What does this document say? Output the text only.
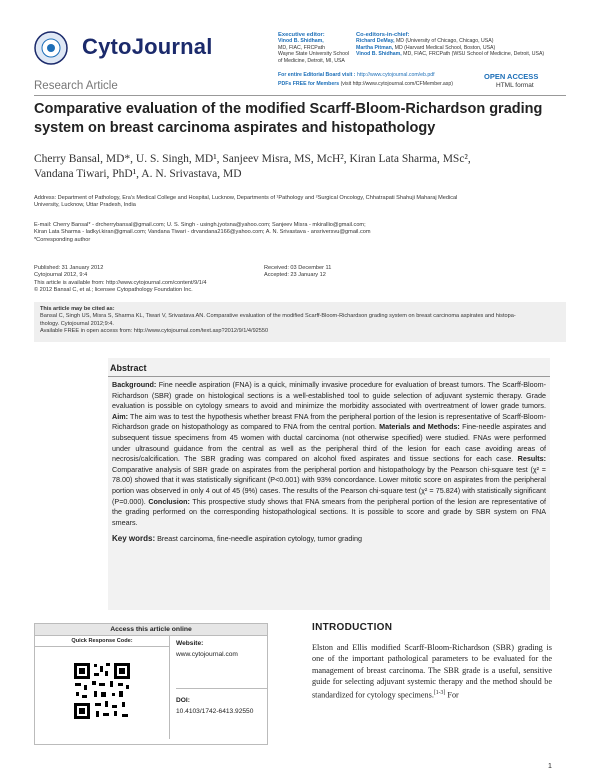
CytoJournal	Executive editor:
Vinod B. Shidham,
MD, FIAC, FRCPath
Wayne State University School
of Medicine, Detroit, MI, USA
Co-editors-in-chief:
Richard DeMay, MD (University of Chicago, Chicago, USA)
Martha Pitman, MD (Harvard Medical School, Boston, USA)
Vinod B. Shidham, MD, FIAC, FRCPath (WSU School of Medicine, Detroit, USA)
For entire Editorial Board visit : http://www.cytojournal.com/eb.pdf
PDFs FREE for Members (visit http://www.cytojournal.com/CFMember.asp)
OPEN ACCESS
HTML format
Research Article
Comparative evaluation of the modified Scarff-Bloom-Richardson grading system on breast carcinoma aspirates and histopathology
Cherry Bansal, MD*, U. S. Singh, MD¹, Sanjeev Misra, MS, McH², Kiran Lata Sharma, MSc²,
Vandana Tiwari, PhD¹, A. N. Srivastava, MD
Address: Department of Pathology, Era's Medical College and Hospital, Lucknow, Departments of ¹Pathology and ²Surgical Oncology, Chhatrapati Shahuji Maharaj Medical
University, Lucknow, Uttar Pradesh, India
E-mail: Cherry Bansal* - drcherrybansal@gmail.com; U. S. Singh - usingh.jyotsna@yahoo.com; Sanjeev Misra - mkirallio@gmail.com;
Kiran Lata Sharma - ladkyi.kiran@gmail.com; Vandana Tiwari - drvandana2166@yahoo.com; A. N. Srivastava - ansriversvu@gmail.com
*Corresponding author
Published: 31 January 2012
Cytojournal 2012, 9:4
This article is available from: http://www.cytojournal.com/content/9/1/4
© 2012 Bansal C, et al.; licensee Cytopathology Foundation Inc.
Received: 03 December 11
Accepted: 23 January 12
This article may be cited as:
Bansal C, Singh US, Misra S, Sharma KL, Tiwari V, Srivastava AN. Comparative evaluation of the modified Scarff-Bloom-Richardson grading system on breast carcinoma aspirates and histopa-
thology. Cytojournal 2012;9:4.
Available FREE in open access from: http://www.cytojournal.com/text.asp?2012/9/1/4/92550
Abstract
Background: Fine needle aspiration (FNA) is a quick, minimally invasive procedure for evaluation of breast tumors. The Scarff-Bloom-Richardson (SBR) grade on histological sections is a well-established tool to guide selection of adjuvant systemic therapy. Grade evaluation is possible on cytology smears to avoid and minimize the morbidity associated with overtreatment of lower grade tumors. Aim: The aim was to test the hypothesis whether breast FNA from the peripheral portion of the lesion is representative of Scarff-Bloom-Richardson grade on histopathology as compared to FNA from the central portion. Materials and Methods: Fine-needle aspirates and subsequent tissue specimens from 45 women with ductal carcinoma (not otherwise specified) were studied. FNAs were performed under ultrasound guidance from the central as well as the peripheral third of the lesion for each case avoiding areas of necrosis/calcification. The SBR grading was compared on alcohol fixed aspirates and tissue sections for each case. Results: Comparative analysis of SBR grade on aspirates from the peripheral portion and histopathology by the Pearson chi-square test (χ² = 78.00) showed that it was statistically significant (P<0.001) with 93% concordance. Lower mitotic score on aspirates from the peripheral portion was observed in only 4 out of 45 (9%) cases. The results of the Pearson chi-square test (χ² = 75.824) with statistically significant (P=0.000). Conclusion: This prospective study shows that FNA smears from the peripheral portion of the lesion are representative of the grading performed on the corresponding histopathological sections. It is possible to score and grade by SBR system on FNA smears.
Key words: Breast carcinoma, fine-needle aspiration cytology, tumor grading
Access this article online
Quick Response Code:	Website:
www.cytojournal.com
DOI:
10.4103/1742-6413.92550
INTRODUCTION
Elston and Ellis modified Scarff-Bloom-Richardson (SBR) grading is one of the important pathological parameters to be evaluated for the management of breast carcinoma. The SBR grade is a useful, sensitive guide for selecting adjuvant systemic therapy and the method should be standardized for cytology specimens.[1-3] For
1
